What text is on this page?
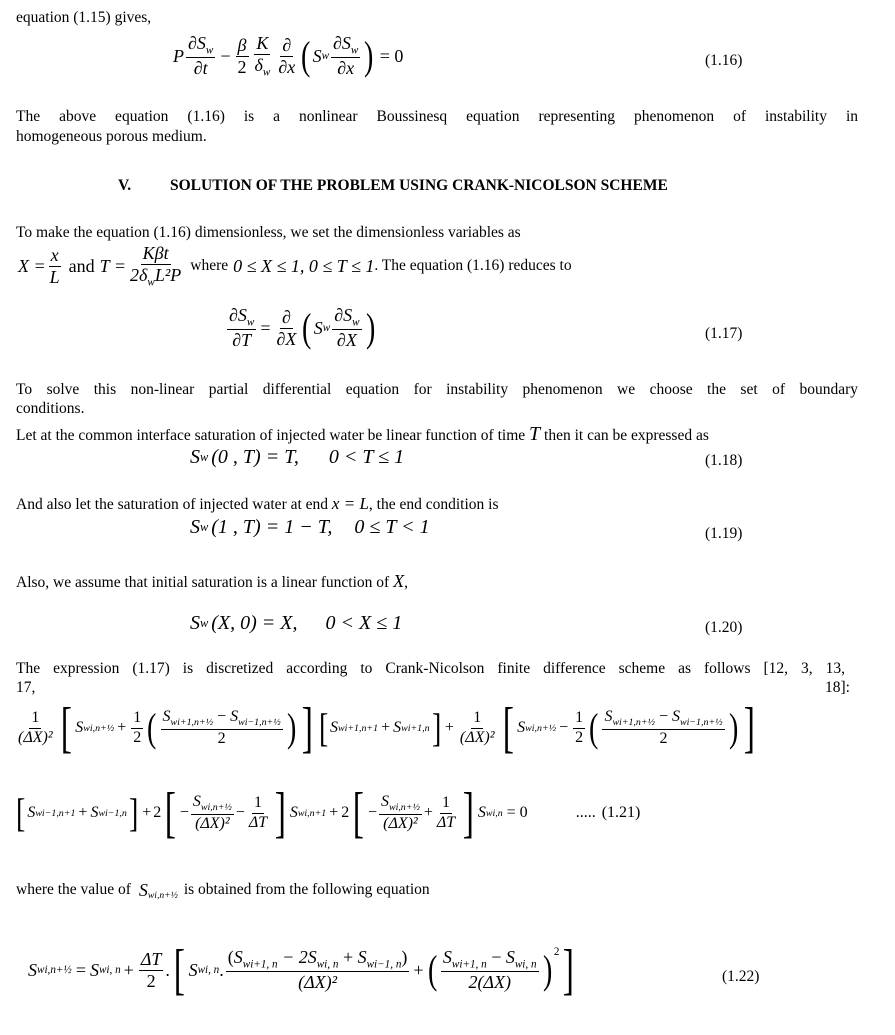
equation (1.15) gives,
P $\frac{\partial S_w}{\partial t} - \frac{\beta}{2} \frac{K}{\delta_w} \frac{\partial}{\partial x}$ ( S w $\frac{\partial S_w}{\partial x}$ ) = 0	(1.16)
The above equation (1.16) is a nonlinear Boussinesq equation representing phenomenon of instability in
homogeneous porous medium.
V.	SOLUTION OF THE PROBLEM USING CRANK-NICOLSON SCHEME
To make the equation (1.16) dimensionless, we set the dimensionless variables as
$X = \frac{x}{L}$ and $T = \frac{\text{Kβt}}{2\delta_wL^2P}$ where 0 ≤ X ≤ 1, 0 ≤ T ≤ 1 . The equation (1.16) reduces to
$\frac{\partial S_w}{\partial T} = \frac{\partial}{\partial X}$ ( S w $\frac{\partial S_w}{\partial X}$ )	(1.17)
To solve this non-linear partial differential equation for instability phenomenon we choose the set of boundary
conditions.
Let at the common interface saturation of injected water be linear function of time T then it can be expressed as
S w (0 , T) = T, 0 < T ≤ 1	(1.18)
And also let the saturation of injected water at end x = L, the end condition is
S w (1 , T) = 1 − T, 0 ≤ T < 1	(1.19)
Also, we assume that initial saturation is a linear function of X,
S w (X, 0) = X, 0 < X ≤ 1	(1.20)
The expression (1.17) is discretized according to Crank-Nicolson finite difference scheme as follows [12, 3, 13,
17,	18]:
$\frac{1}{\text{(ΔX)²}}$ [ S wi,n+½ + $\frac{1}{2}$ ( $\frac{S_{wi+1,n+\frac{1}{2}} - S_{wi-1,n+\frac{1}{2}}}{2}$ ) ] [ S wi+1,n+1 + S wi+1,n ] + $\frac{1}{\text{(ΔX)²}}$ [ S wi,n+½ − $\frac{1}{2}$ ( $\frac{S_{wi+1,n+\frac{1}{2}} - S_{wi-1,n+\frac{1}{2}}}{2}$ ) ]
[ S wi−1,n+1 + S wi−1,n ] + 2 [ − $\frac{S_{wi,n+\frac{1}{2}}}{\text{(ΔX)²}} - \frac{1}{\Delta T}$ ] S wi,n+1 + 2 [ − $\frac{S_{wi,n+\frac{1}{2}}}{\text{(ΔX)²}} + \frac{1}{\Delta T}$ ] S wi,n = 0	..... (1.21)
where the value of $S_{wi,n+\frac{1}{2}}$ is obtained from the following equation
S wi,n+½ = S wi, $n + \frac{\Delta T}{2}$ . [ S wi, n . $\frac{(S_{wi+1, n} - 2S_{wi, n} + S_{wi-1, n})}{\text{(ΔX)²}}$ + ( $\frac{S_{wi+1, n} - S_{wi, n}}{2(\Delta X)} )^2$ ]	(1.22)
